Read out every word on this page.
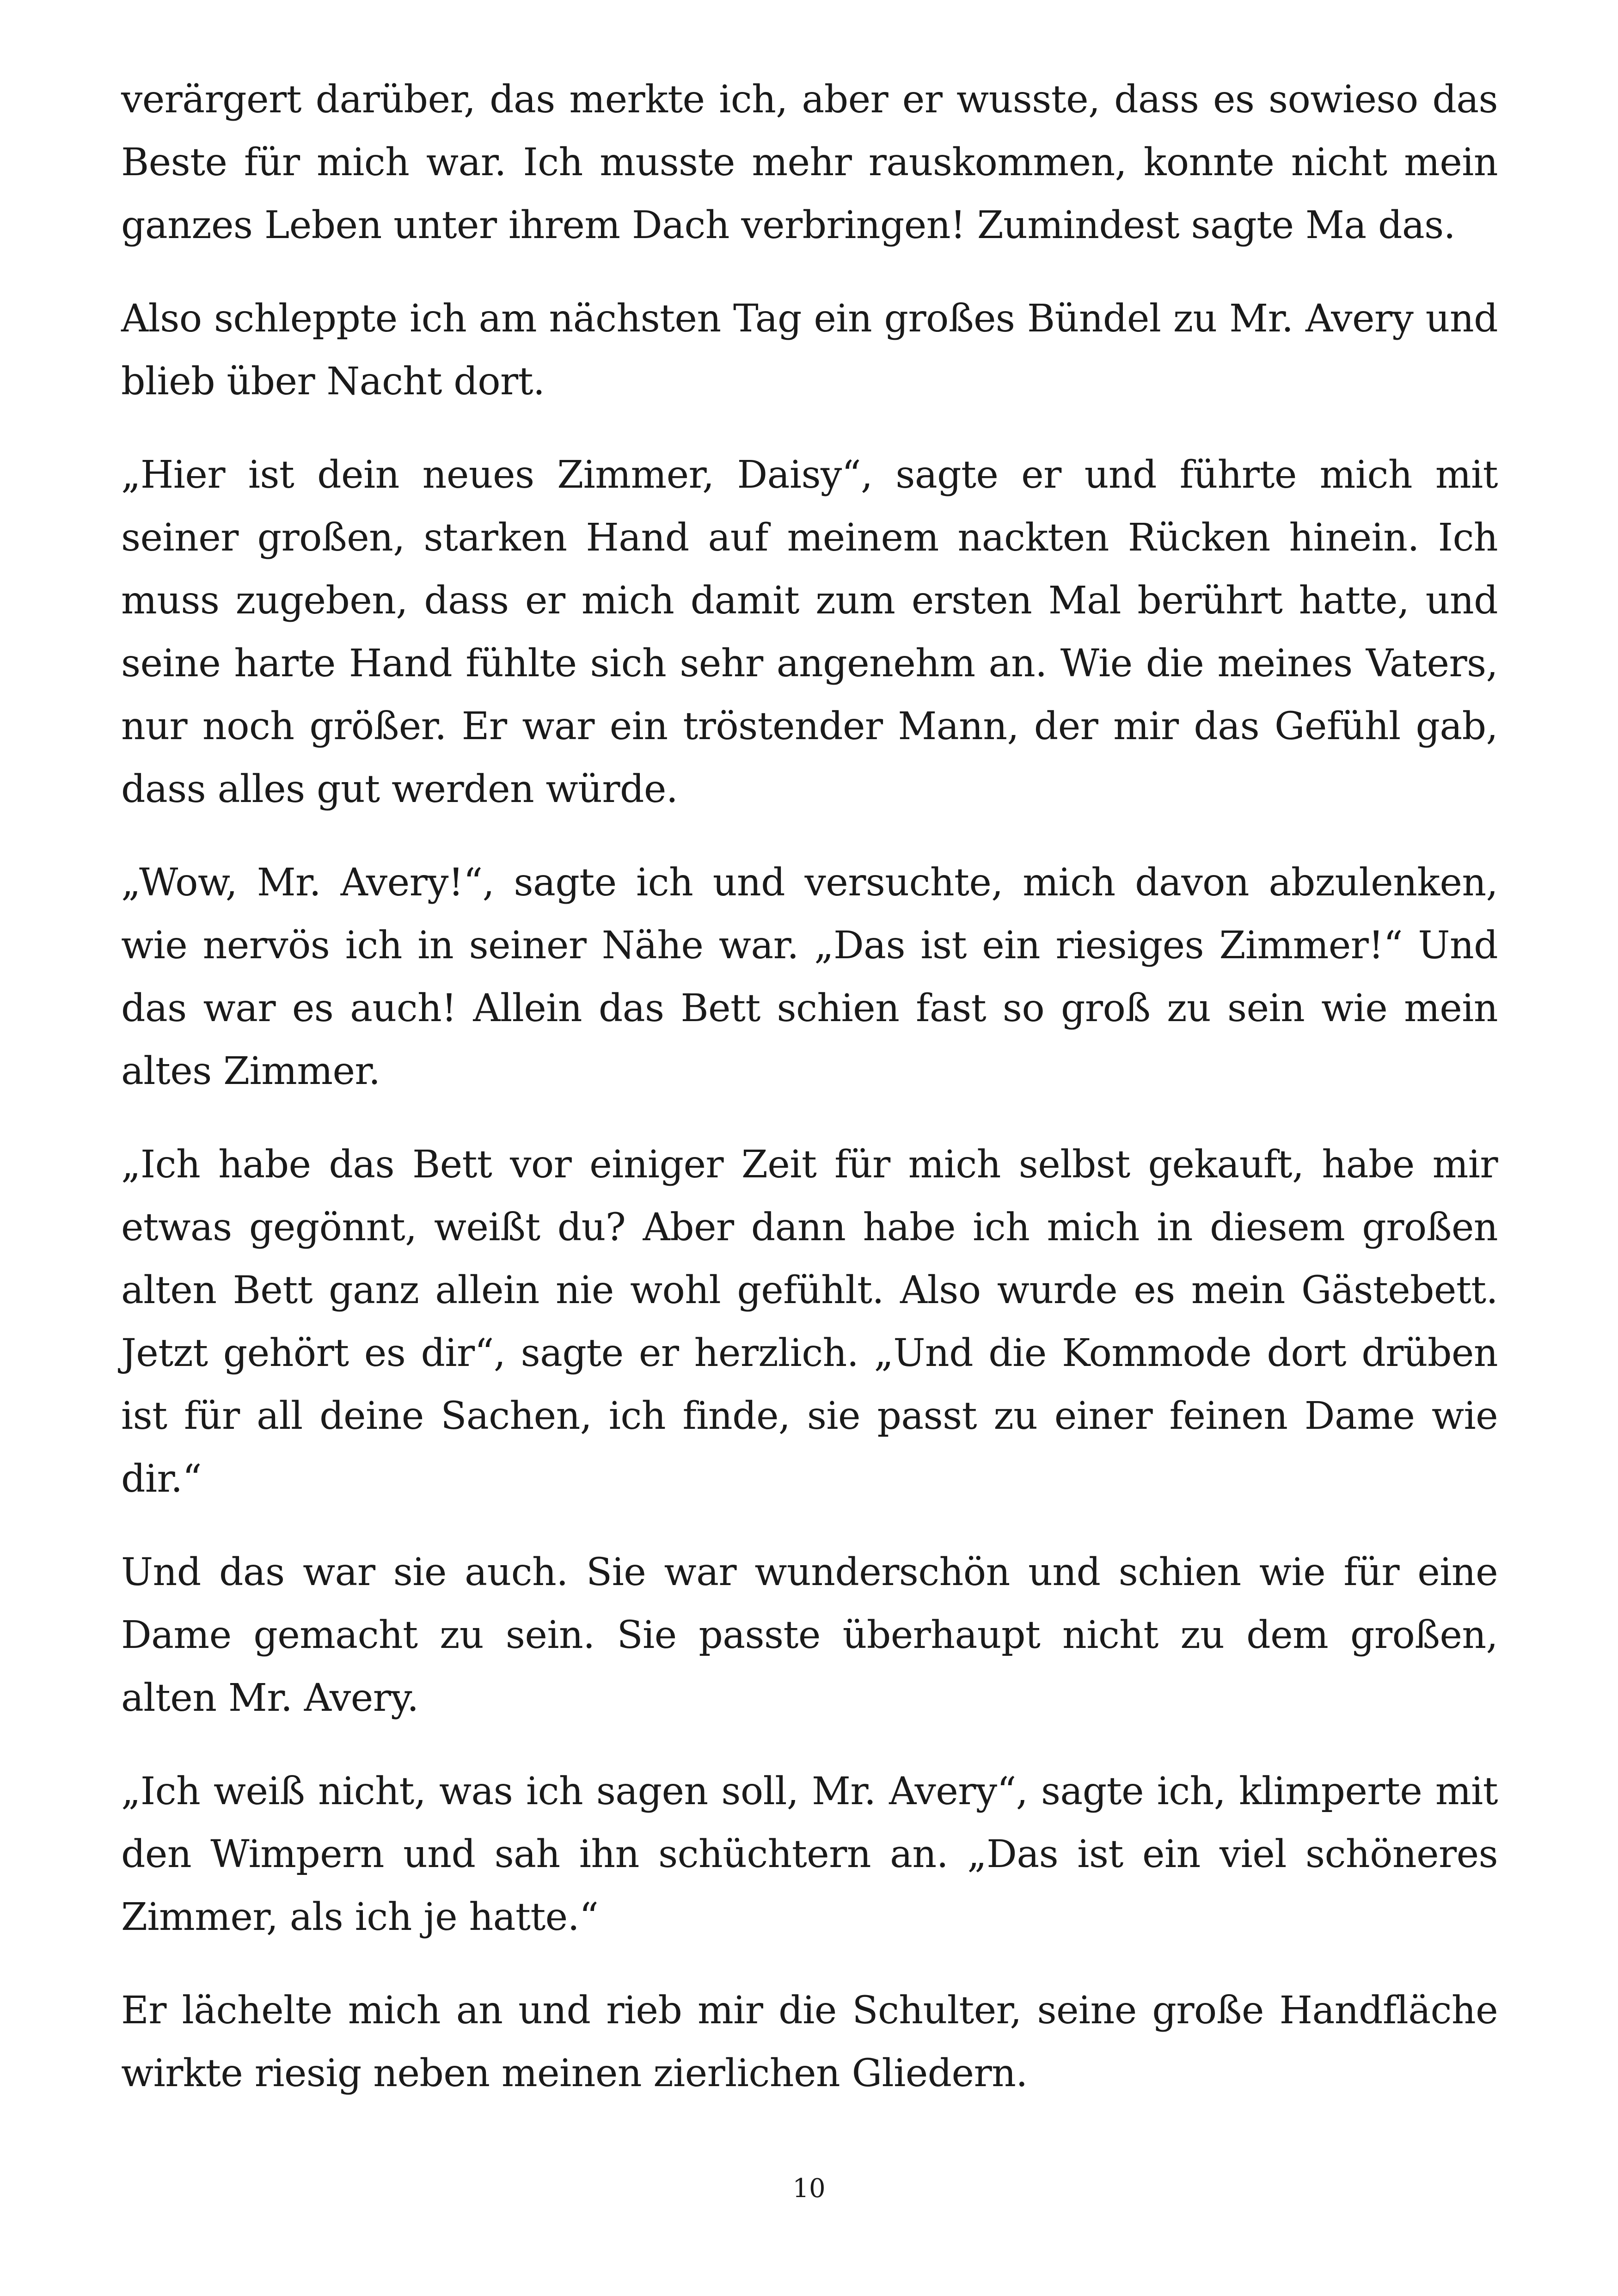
verärgert darüber, das merkte ich, aber er wusste, dass es sowieso das Beste für mich war. Ich musste mehr rauskommen, konnte nicht mein ganzes Leben unter ihrem Dach verbringen! Zumindest sagte Ma das.

Also schleppte ich am nächsten Tag ein großes Bündel zu Mr. Avery und blieb über Nacht dort.

„Hier ist dein neues Zimmer, Daisy“, sagte er und führte mich mit seiner großen, starken Hand auf meinem nackten Rücken hinein. Ich muss zugeben, dass er mich damit zum ersten Mal berührt hatte, und seine harte Hand fühlte sich sehr angenehm an. Wie die meines Vaters, nur noch größer. Er war ein tröstender Mann, der mir das Gefühl gab, dass alles gut werden würde.

„Wow, Mr. Avery!“, sagte ich und versuchte, mich davon abzulenken, wie nervös ich in seiner Nähe war. „Das ist ein riesiges Zimmer!“ Und das war es auch! Allein das Bett schien fast so groß zu sein wie mein altes Zimmer.

„Ich habe das Bett vor einiger Zeit für mich selbst gekauft, habe mir etwas gegönnt, weißt du? Aber dann habe ich mich in diesem großen alten Bett ganz allein nie wohl gefühlt. Also wurde es mein Gästebett. Jetzt gehört es dir“, sagte er herzlich. „Und die Kommode dort drüben ist für all deine Sachen, ich finde, sie passt zu einer feinen Dame wie dir.“

Und das war sie auch. Sie war wunderschön und schien wie für eine Dame gemacht zu sein. Sie passte überhaupt nicht zu dem großen, alten Mr. Avery.

„Ich weiß nicht, was ich sagen soll, Mr. Avery“, sagte ich, klimperte mit den Wimpern und sah ihn schüchtern an. „Das ist ein viel schöneres Zimmer, als ich je hatte.“

Er lächelte mich an und rieb mir die Schulter, seine große Handfläche wirkte riesig neben meinen zierlichen Gliedern.

10
